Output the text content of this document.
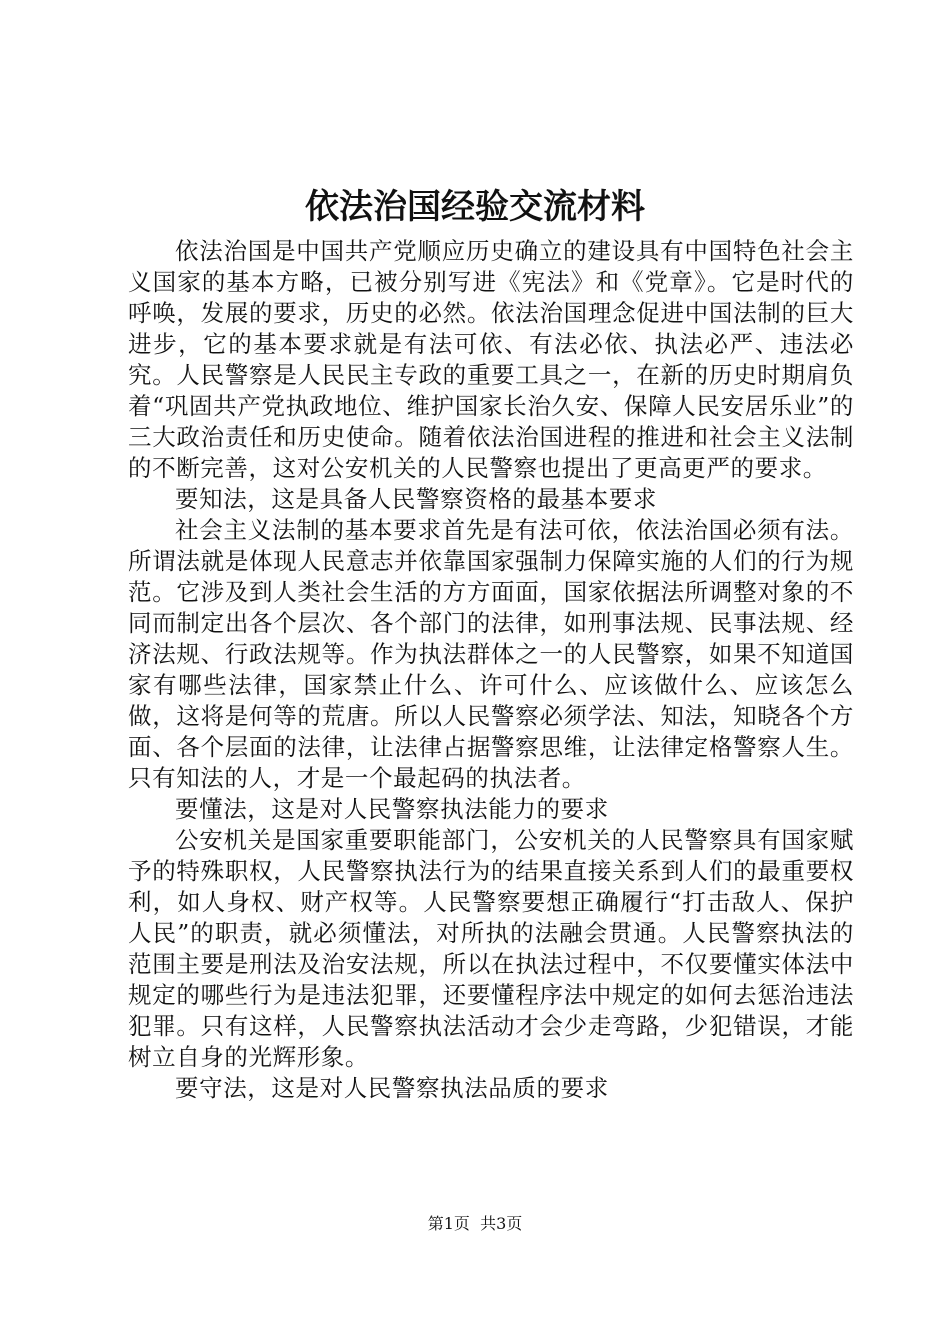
依法治国经验交流材料

依法治国是中国共产党顺应历史确立的建设具有中国特色社会主义国家的基本方略，已被分别写进《宪法》和《党章》。它是时代的呼唤，发展的要求，历史的必然。依法治国理念促进中国法制的巨大进步，它的基本要求就是有法可依、有法必依、执法必严、违法必究。人民警察是人民民主专政的重要工具之一，在新的历史时期肩负着“巩固共产党执政地位、维护国家长治久安、保障人民安居乐业”的三大政治责任和历史使命。随着依法治国进程的推进和社会主义法制的不断完善，这对公安机关的人民警察也提出了更高更严的要求。

要知法，这是具备人民警察资格的最基本要求

社会主义法制的基本要求首先是有法可依，依法治国必须有法。所谓法就是体现人民意志并依靠国家强制力保障实施的人们的行为规范。它涉及到人类社会生活的方方面面，国家依据法所调整对象的不同而制定出各个层次、各个部门的法律，如刑事法规、民事法规、经济法规、行政法规等。作为执法群体之一的人民警察，如果不知道国家有哪些法律，国家禁止什么、许可什么、应该做什么、应该怎么做，这将是何等的荒唐。所以人民警察必须学法、知法，知晓各个方面、各个层面的法律，让法律占据警察思维，让法律定格警察人生。只有知法的人，才是一个最起码的执法者。

要懂法，这是对人民警察执法能力的要求

公安机关是国家重要职能部门，公安机关的人民警察具有国家赋予的特殊职权，人民警察执法行为的结果直接关系到人们的最重要权利，如人身权、财产权等。人民警察要想正确履行“打击敌人、保护人民”的职责，就必须懂法，对所执的法融会贯通。人民警察执法的范围主要是刑法及治安法规，所以在执法过程中，不仅要懂实体法中规定的哪些行为是违法犯罪，还要懂程序法中规定的如何去惩治违法犯罪。只有这样，人民警察执法活动才会少走弯路，少犯错误，才能树立自身的光辉形象。

要守法，这是对人民警察执法品质的要求

第1页 共3页
